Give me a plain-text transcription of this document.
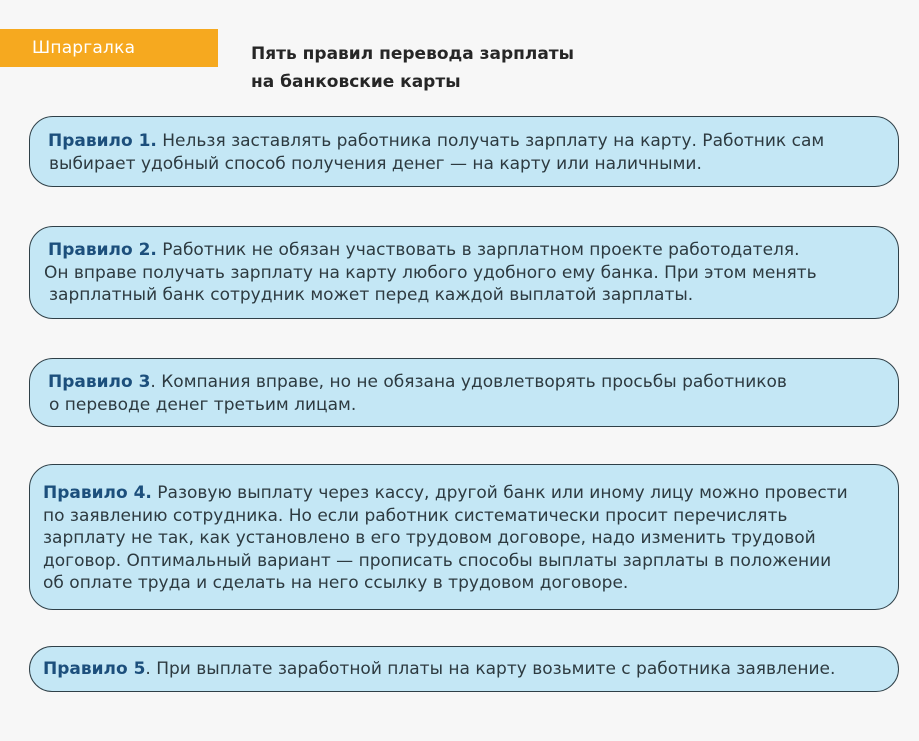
Шпаргалка	Пять правил перевода зарплаты
на банковские карты
Правило 1. Нельзя заставлять работника получать зарплату на карту. Работник сам
выбирает удобный способ получения денег — на карту или наличными.
Правило 2. Работник не обязан участвовать в зарплатном проекте работодателя.
Он вправе получать зарплату на карту любого удобного ему банка. При этом менять
зарплатный банк сотрудник может перед каждой выплатой зарплаты.
Правило 3. Компания вправе, но не обязана удовлетворять просьбы работников
о переводе денег третьим лицам.
Правило 4. Разовую выплату через кассу, другой банк или иному лицу можно провести
по заявлению сотрудника. Но если работник систематически просит перечислять
зарплату не так, как установлено в его трудовом договоре, надо изменить трудовой
договор. Оптимальный вариант — прописать способы выплаты зарплаты в положении
об оплате труда и сделать на него ссылку в трудовом договоре.
Правило 5. При выплате заработной платы на карту возьмите с работника заявление.
